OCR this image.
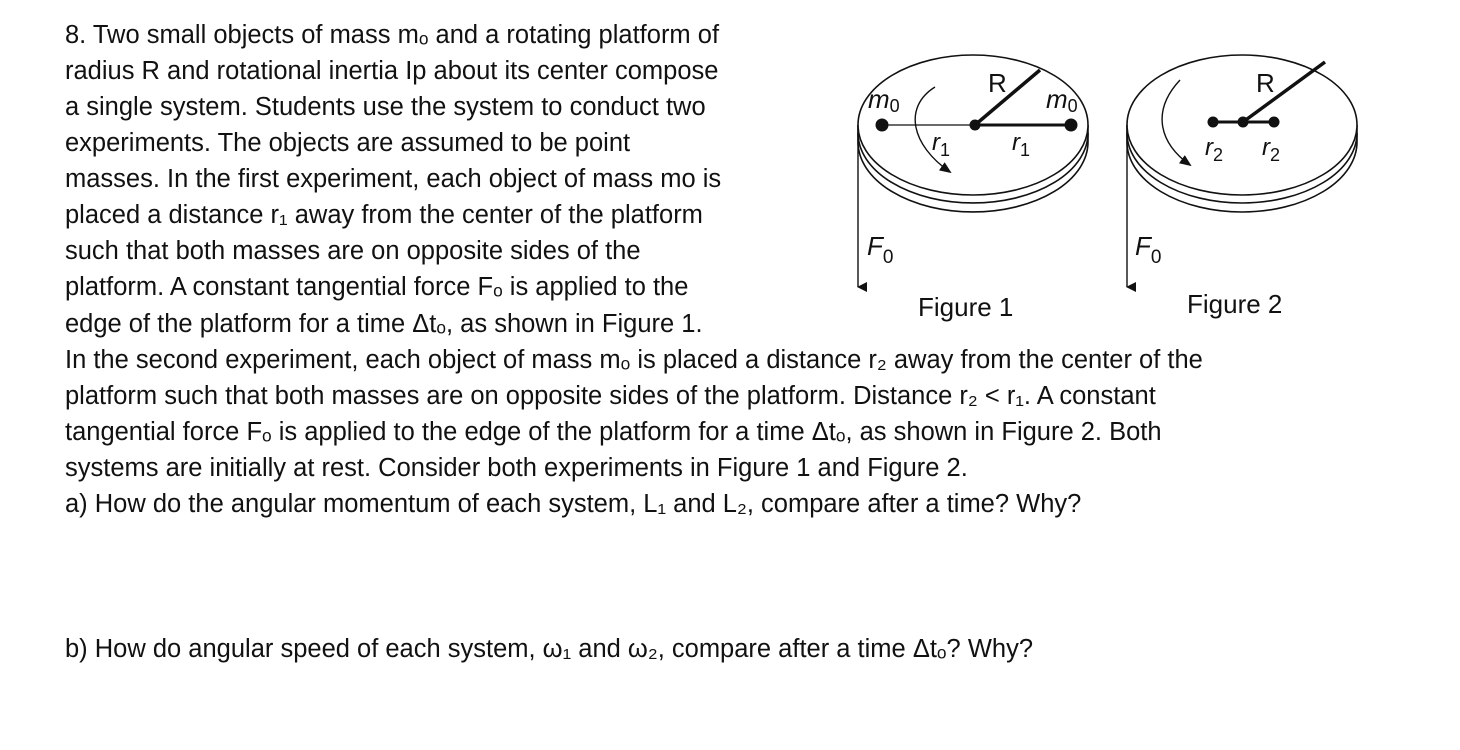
8. Two small objects of mass mₒ and a rotating platform of
radius R and rotational inertia Ip about its center compose
a single system. Students use the system to conduct two
experiments. The objects are assumed to be point
masses. In the first experiment, each object of mass mo is
placed a distance r₁ away from the center of the platform
such that both masses are on opposite sides of the
platform. A constant tangential force Fₒ is applied to the
edge of the platform for a time Δtₒ, as shown in Figure 1.
In the second experiment, each object of mass mₒ is placed a distance r₂ away from the center of the
platform such that both masses are on opposite sides of the platform. Distance r₂ < r₁. A constant
tangential force Fₒ is applied to the edge of the platform for a time Δtₒ, as shown in Figure 2. Both
systems are initially at rest. Consider both experiments in Figure 1 and Figure 2.
a) How do the angular momentum of each system, L₁ and L₂, compare after a time? Why?
b) How do angular speed of each system, ω₁ and ω₂, compare after a time Δtₒ? Why?
R
m0	m0
$r_1$	$r_1$
$F_0$
Figure 1
R
$r_2$ $r_2$
$F_0$
Figure 2
